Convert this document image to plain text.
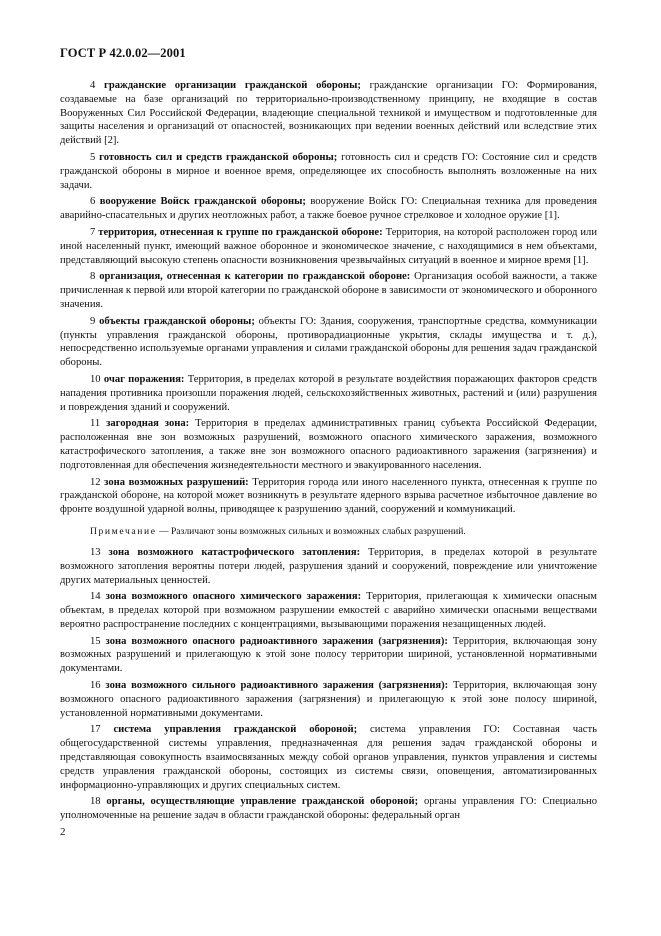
ГОСТ Р 42.0.02—2001

4 гражданские организации гражданской обороны; гражданские организации ГО: Формирования, создаваемые на базе организаций по территориально-производственному принципу, не входящие в состав Вооруженных Сил Российской Федерации, владеющие специальной техникой и имуществом и подготовленные для защиты населения и организаций от опасностей, возникающих при ведении военных действий или вследствие этих действий [2].

5 готовность сил и средств гражданской обороны; готовность сил и средств ГО: Состояние сил и средств гражданской обороны в мирное и военное время, определяющее их способность выполнять возложенные на них задачи.

6 вооружение Войск гражданской обороны; вооружение Войск ГО: Специальная техника для проведения аварийно-спасательных и других неотложных работ, а также боевое ручное стрелковое и холодное оружие [1].

7 территория, отнесенная к группе по гражданской обороне: Территория, на которой расположен город или иной населенный пункт, имеющий важное оборонное и экономическое значение, с находящимися в нем объектами, представляющий высокую степень опасности возникновения чрезвычайных ситуаций в военное и мирное время [1].

8 организация, отнесенная к категории по гражданской обороне: Организация особой важности, а также причисленная к первой или второй категории по гражданской обороне в зависимости от экономического и оборонного значения.

9 объекты гражданской обороны; объекты ГО: Здания, сооружения, транспортные средства, коммуникации (пункты управления гражданской обороны, противорадиационные укрытия, склады имущества и т. д.), непосредственно используемые органами управления и силами гражданской обороны для решения задач гражданской обороны.

10 очаг поражения: Территория, в пределах которой в результате воздействия поражающих факторов средств нападения противника произошли поражения людей, сельскохозяйственных животных, растений и (или) разрушения и повреждения зданий и сооружений.

11 загородная зона: Территория в пределах административных границ субъекта Российской Федерации, расположенная вне зон возможных разрушений, возможного опасного химического заражения, возможного катастрофического затопления, а также вне зон возможного опасного радиоактивного заражения (загрязнения) и подготовленная для обеспечения жизнедеятельности местного и эвакуированного населения.

12 зона возможных разрушений: Территория города или иного населенного пункта, отнесенная к группе по гражданской обороне, на которой может возникнуть в результате ядерного взрыва расчетное избыточное давление во фронте воздушной ударной волны, приводящее к разрушению зданий, сооружений и коммуникаций.

Примечание — Различают зоны возможных сильных и возможных слабых разрушений.

13 зона возможного катастрофического затопления: Территория, в пределах которой в результате возможного затопления вероятны потери людей, разрушения зданий и сооружений, повреждение или уничтожение других материальных ценностей.

14 зона возможного опасного химического заражения: Территория, прилегающая к химически опасным объектам, в пределах которой при возможном разрушении емкостей с аварийно химически опасными веществами вероятно распространение последних с концентрациями, вызывающими поражения незащищенных людей.

15 зона возможного опасного радиоактивного заражения (загрязнения): Территория, включающая зону возможных разрушений и прилегающую к этой зоне полосу территории шириной, установленной нормативными документами.

16 зона возможного сильного радиоактивного заражения (загрязнения): Территория, включающая зону возможного опасного радиоактивного заражения (загрязнения) и прилегающую к этой зоне полосу шириной, установленной нормативными документами.

17 система управления гражданской обороной; система управления ГО: Составная часть общегосударственной системы управления, предназначенная для решения задач гражданской обороны и представляющая совокупность взаимосвязанных между собой органов управления, пунктов управления и системы средств управления гражданской обороны, состоящих из системы связи, оповещения, автоматизированных информационно-управляющих и других специальных систем.

18 органы, осуществляющие управление гражданской обороной; органы управления ГО: Специально уполномоченные на решение задач в области гражданской обороны: федеральный орган

2
